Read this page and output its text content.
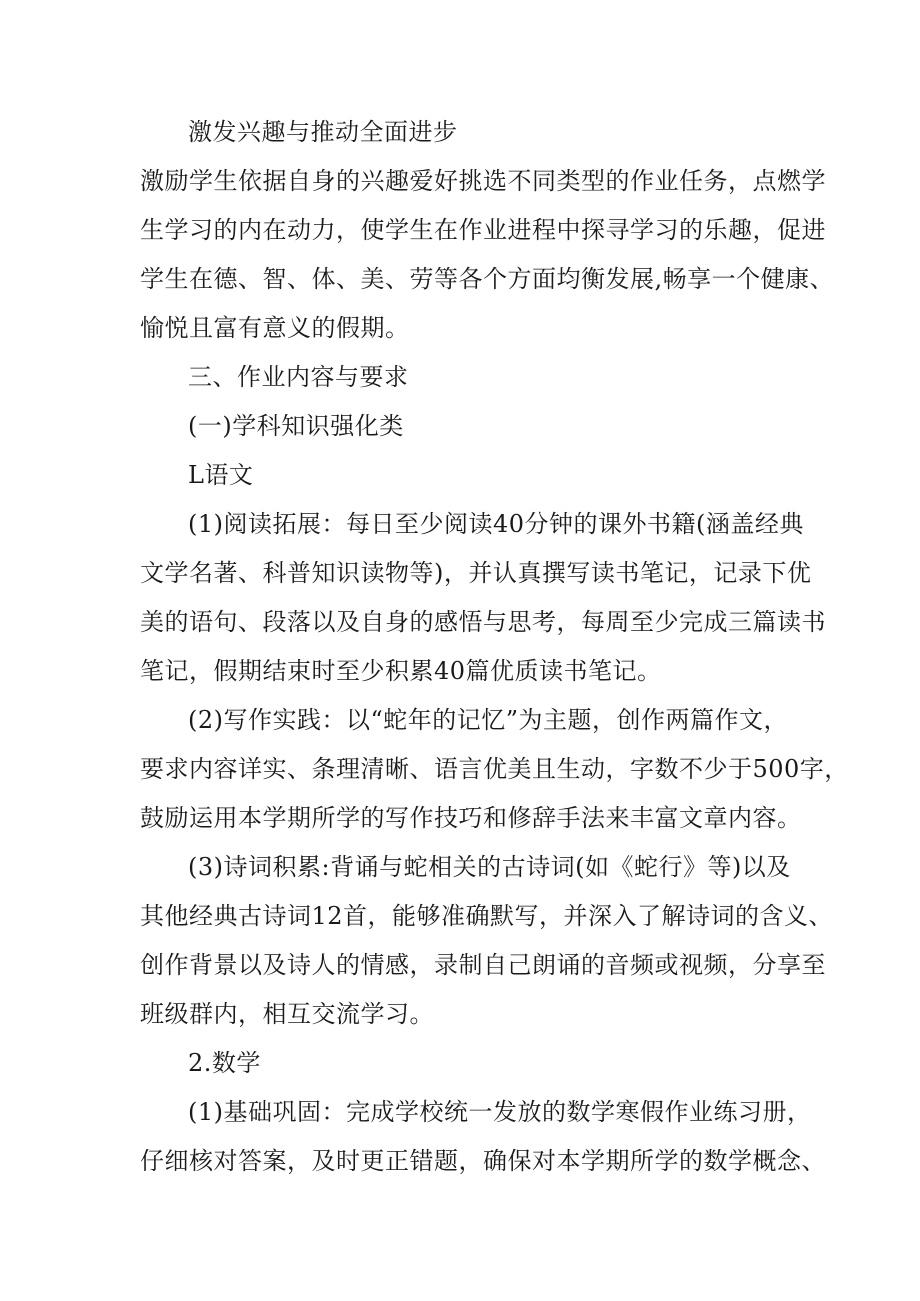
激发兴趣与推动全面进步
激励学生依据自身的兴趣爱好挑选不同类型的作业任务，点燃学
生学习的内在动力，使学生在作业进程中探寻学习的乐趣，促进
学生在德、智、体、美、劳等各个方面均衡发展,畅享一个健康、
愉悦且富有意义的假期。
三、作业内容与要求
(一)学科知识强化类
L语文
(1)阅读拓展：每日至少阅读40分钟的课外书籍(涵盖经典
文学名著、科普知识读物等)，并认真撰写读书笔记，记录下优
美的语句、段落以及自身的感悟与思考，每周至少完成三篇读书
笔记，假期结束时至少积累40篇优质读书笔记。
(2)写作实践：以“蛇年的记忆”为主题，创作两篇作文，
要求内容详实、条理清晰、语言优美且生动，字数不少于500字，
鼓励运用本学期所学的写作技巧和修辞手法来丰富文章内容。
(3)诗词积累:背诵与蛇相关的古诗词(如《蛇行》等)以及
其他经典古诗词12首，能够准确默写，并深入了解诗词的含义、
创作背景以及诗人的情感，录制自己朗诵的音频或视频，分享至
班级群内，相互交流学习。
2.数学
(1)基础巩固：完成学校统一发放的数学寒假作业练习册，
仔细核对答案，及时更正错题，确保对本学期所学的数学概念、
